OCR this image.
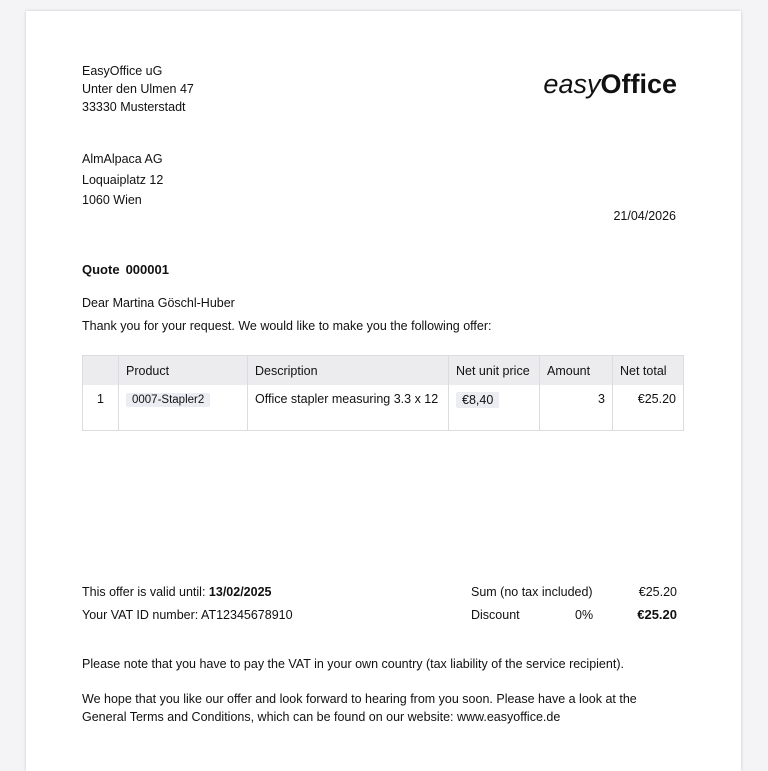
EasyOffice uG
Unter den Ulmen 47
33330 Musterstadt
easyOffice
AlmAlpaca AG
Loquaiplatz 12
1060 Wien
21/04/2026
Quote 000001
Dear Martina Göschl-Huber
Thank you for your request. We would like to make you the following offer:
	Product	Description	Net unit price	Amount	Net total
1	0007-Stapler2	Office stapler measuring 3.3 x 12	€8,40	3	€25.20
This offer is valid until: 13/02/2025
Your VAT ID number: AT12345678910
Sum (no tax included)	€25.20
Discount	0%	€25.20
Please note that you have to pay the VAT in your own country (tax liability of the service recipient).
We hope that you like our offer and look forward to hearing from you soon. Please have a look at the General Terms and Conditions, which can be found on our website: www.easyoffice.de
